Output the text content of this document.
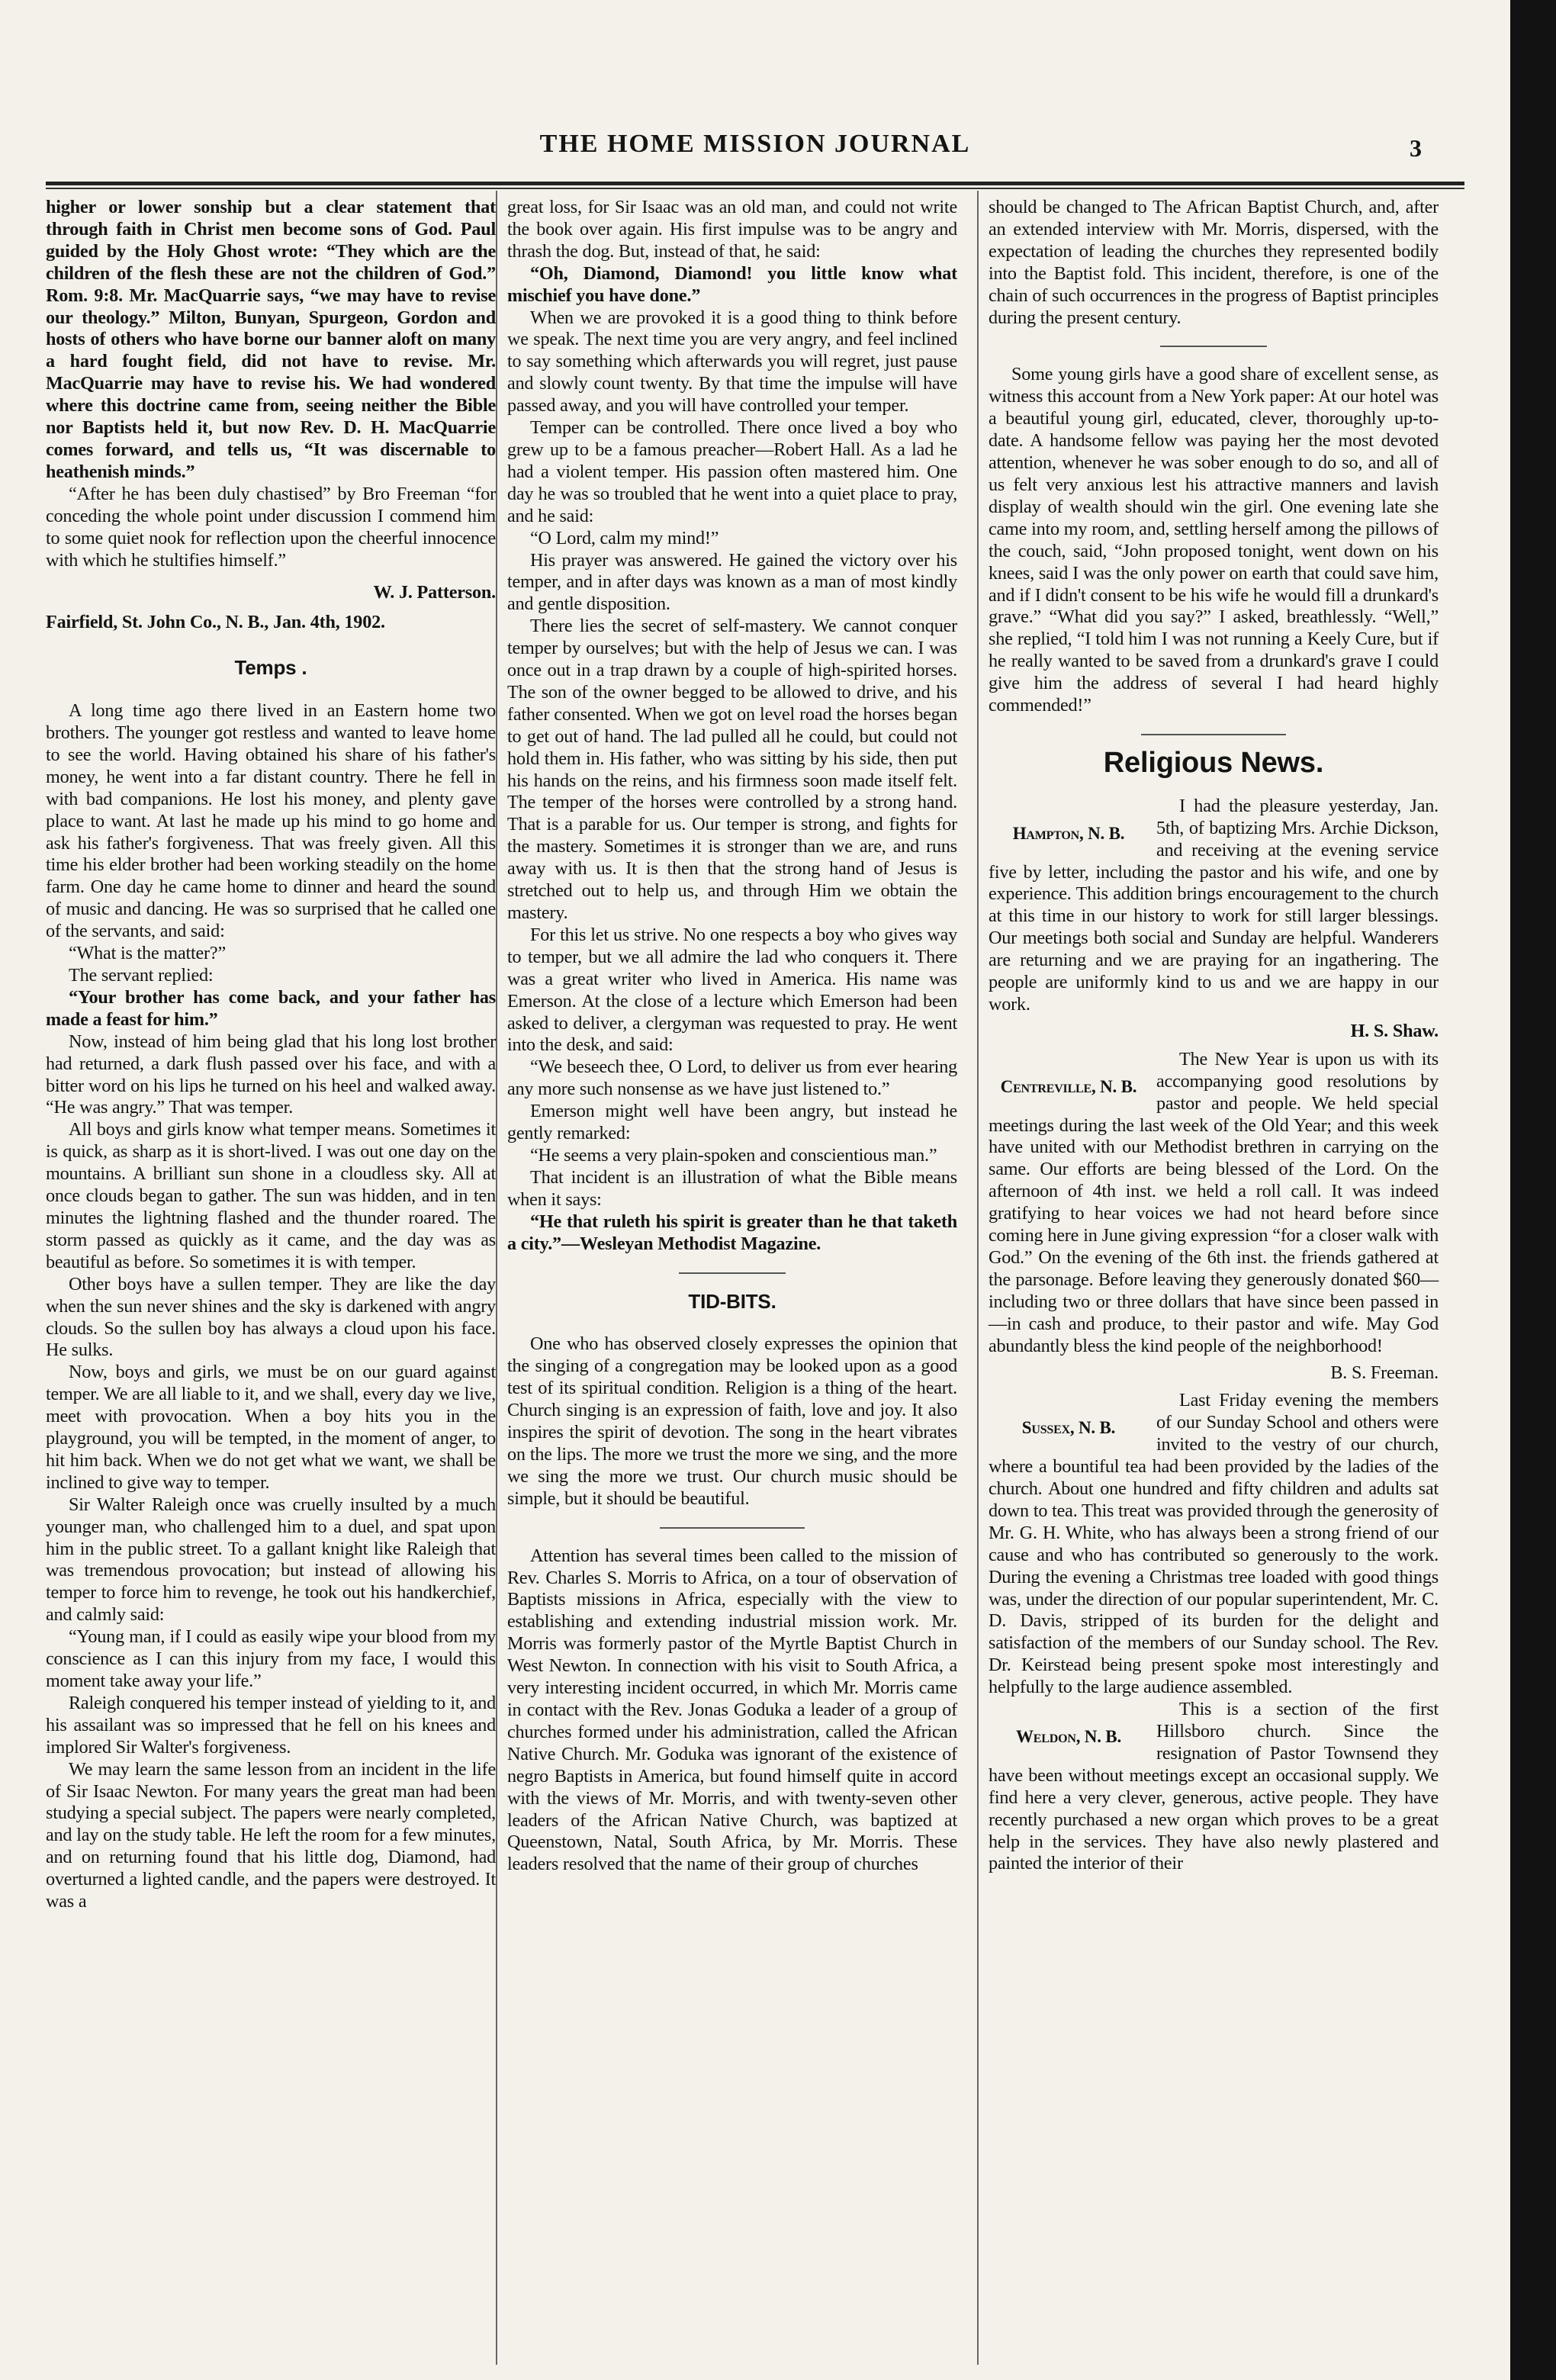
THE HOME MISSION JOURNAL	3

higher or lower sonship but a clear statement that through faith in Christ men become sons of God. Paul guided by the Holy Ghost wrote: “They which are the children of the flesh these are not the children of God.” Rom. 9:8. Mr. MacQuarrie says, “we may have to revise our theology.” Milton, Bunyan, Spurgeon, Gordon and hosts of others who have borne our banner aloft on many a hard fought field, did not have to revise. Mr. MacQuarrie may have to revise his. We had wondered where this doctrine came from, seeing neither the Bible nor Baptists held it, but now Rev. D. H. MacQuarrie comes forward, and tells us, “It was discernable to heathenish minds.”

“After he has been duly chastised” by Bro Freeman “for conceding the whole point under discussion I commend him to some quiet nook for reflection upon the cheerful innocence with which he stultifies himself.”

W. J. Patterson.
Fairfield, St. John Co., N. B., Jan. 4th, 1902.
Temps .

A long time ago there lived in an Eastern home two brothers. The younger got restless and wanted to leave home to see the world. Having obtained his share of his father's money, he went into a far distant country. There he fell in with bad companions. He lost his money, and plenty gave place to want. At last he made up his mind to go home and ask his father's forgiveness. That was freely given. All this time his elder brother had been working steadily on the home farm. One day he came home to dinner and heard the sound of music and dancing. He was so surprised that he called one of the servants, and said:

“What is the matter?”

The servant replied:

“Your brother has come back, and your father has made a feast for him.”

Now, instead of him being glad that his long lost brother had returned, a dark flush passed over his face, and with a bitter word on his lips he turned on his heel and walked away. “He was angry.” That was temper.

All boys and girls know what temper means. Sometimes it is quick, as sharp as it is short-lived. I was out one day on the mountains. A brilliant sun shone in a cloudless sky. All at once clouds began to gather. The sun was hidden, and in ten minutes the lightning flashed and the thunder roared. The storm passed as quickly as it came, and the day was as beautiful as before. So sometimes it is with temper.

Other boys have a sullen temper. They are like the day when the sun never shines and the sky is darkened with angry clouds. So the sullen boy has always a cloud upon his face. He sulks.

Now, boys and girls, we must be on our guard against temper. We are all liable to it, and we shall, every day we live, meet with provocation. When a boy hits you in the playground, you will be tempted, in the moment of anger, to hit him back. When we do not get what we want, we shall be inclined to give way to temper.

Sir Walter Raleigh once was cruelly insulted by a much younger man, who challenged him to a duel, and spat upon him in the public street. To a gallant knight like Raleigh that was tremendous provocation; but instead of allowing his temper to force him to revenge, he took out his handkerchief, and calmly said:

“Young man, if I could as easily wipe your blood from my conscience as I can this injury from my face, I would this moment take away your life.”

Raleigh conquered his temper instead of yielding to it, and his assailant was so impressed that he fell on his knees and implored Sir Walter's forgiveness.

We may learn the same lesson from an incident in the life of Sir Isaac Newton. For many years the great man had been studying a special subject. The papers were nearly completed, and lay on the study table. He left the room for a few minutes, and on returning found that his little dog, Diamond, had overturned a lighted candle, and the papers were destroyed. It was a

great loss, for Sir Isaac was an old man, and could not write the book over again. His first impulse was to be angry and thrash the dog. But, instead of that, he said:

“Oh, Diamond, Diamond! you little know what mischief you have done.”

When we are provoked it is a good thing to think before we speak. The next time you are very angry, and feel inclined to say something which afterwards you will regret, just pause and slowly count twenty. By that time the impulse will have passed away, and you will have controlled your temper.

Temper can be controlled. There once lived a boy who grew up to be a famous preacher—Robert Hall. As a lad he had a violent temper. His passion often mastered him. One day he was so troubled that he went into a quiet place to pray, and he said:

“O Lord, calm my mind!”

His prayer was answered. He gained the victory over his temper, and in after days was known as a man of most kindly and gentle disposition.

There lies the secret of self-mastery. We cannot conquer temper by ourselves; but with the help of Jesus we can. I was once out in a trap drawn by a couple of high-spirited horses. The son of the owner begged to be allowed to drive, and his father consented. When we got on level road the horses began to get out of hand. The lad pulled all he could, but could not hold them in. His father, who was sitting by his side, then put his hands on the reins, and his firmness soon made itself felt. The temper of the horses were controlled by a strong hand. That is a parable for us. Our temper is strong, and fights for the mastery. Sometimes it is stronger than we are, and runs away with us. It is then that the strong hand of Jesus is stretched out to help us, and through Him we obtain the mastery.

For this let us strive. No one respects a boy who gives way to temper, but we all admire the lad who conquers it. There was a great writer who lived in America. His name was Emerson. At the close of a lecture which Emerson had been asked to deliver, a clergyman was requested to pray. He went into the desk, and said:

“We beseech thee, O Lord, to deliver us from ever hearing any more such nonsense as we have just listened to.”

Emerson might well have been angry, but instead he gently remarked:

“He seems a very plain-spoken and conscientious man.”

That incident is an illustration of what the Bible means when it says:

“He that ruleth his spirit is greater than he that taketh a city.”—Wesleyan Methodist Magazine.

TID-BITS.

One who has observed closely expresses the opinion that the singing of a congregation may be looked upon as a good test of its spiritual condition. Religion is a thing of the heart. Church singing is an expression of faith, love and joy. It also inspires the spirit of devotion. The song in the heart vibrates on the lips. The more we trust the more we sing, and the more we sing the more we trust. Our church music should be simple, but it should be beautiful.

Attention has several times been called to the mission of Rev. Charles S. Morris to Africa, on a tour of observation of Baptists missions in Africa, especially with the view to establishing and extending industrial mission work. Mr. Morris was formerly pastor of the Myrtle Baptist Church in West Newton. In connection with his visit to South Africa, a very interesting incident occurred, in which Mr. Morris came in contact with the Rev. Jonas Goduka a leader of a group of churches formed under his administration, called the African Native Church. Mr. Goduka was ignorant of the existence of negro Baptists in America, but found himself quite in accord with the views of Mr. Morris, and with twenty-seven other leaders of the African Native Church, was baptized at Queenstown, Natal, South Africa, by Mr. Morris. These leaders resolved that the name of their group of churches

should be changed to The African Baptist Church, and, after an extended interview with Mr. Morris, dispersed, with the expectation of leading the churches they represented bodily into the Baptist fold. This incident, therefore, is one of the chain of such occurrences in the progress of Baptist principles during the present century.

Some young girls have a good share of excellent sense, as witness this account from a New York paper: At our hotel was a beautiful young girl, educated, clever, thoroughly up-to-date. A handsome fellow was paying her the most devoted attention, whenever he was sober enough to do so, and all of us felt very anxious lest his attractive manners and lavish display of wealth should win the girl. One evening late she came into my room, and, settling herself among the pillows of the couch, said, “John proposed tonight, went down on his knees, said I was the only power on earth that could save him, and if I didn't consent to be his wife he would fill a drunkard's grave.” “What did you say?” I asked, breathlessly. “Well,” she replied, “I told him I was not running a Keely Cure, but if he really wanted to be saved from a drunkard's grave I could give him the address of several I had heard highly commended!”

Religious News.
Hampton, N. B.

I had the pleasure yesterday, Jan. 5th, of baptizing Mrs. Archie Dickson, and receiving at the evening service five by letter, including the pastor and his wife, and one by experience. This addition brings encouragement to the church at this time in our history to work for still larger blessings. Our meetings both social and Sunday are helpful. Wanderers are returning and we are praying for an ingathering. The people are uniformly kind to us and we are happy in our work.

H. S. Shaw.
Centreville, N. B.

The New Year is upon us with its accompanying good resolutions by pastor and people. We held special meetings during the last week of the Old Year; and this week have united with our Methodist brethren in carrying on the same. Our efforts are being blessed of the Lord. On the afternoon of 4th inst. we held a roll call. It was indeed gratifying to hear voices we had not heard before since coming here in June giving expression “for a closer walk with God.” On the evening of the 6th inst. the friends gathered at the parsonage. Before leaving they generously donated $60—including two or three dollars that have since been passed in—in cash and produce, to their pastor and wife. May God abundantly bless the kind people of the neighborhood!

B. S. Freeman.
Sussex, N. B.

Last Friday evening the members of our Sunday School and others were invited to the vestry of our church, where a bountiful tea had been provided by the ladies of the church. About one hundred and fifty children and adults sat down to tea. This treat was provided through the generosity of Mr. G. H. White, who has always been a strong friend of our cause and who has contributed so generously to the work. During the evening a Christmas tree loaded with good things was, under the direction of our popular superintendent, Mr. C. D. Davis, stripped of its burden for the delight and satisfaction of the members of our Sunday school. The Rev. Dr. Keirstead being present spoke most interestingly and helpfully to the large audience assembled.

Weldon, N. B.

This is a section of the first Hillsboro church. Since the resignation of Pastor Townsend they have been without meetings except an occasional supply. We find here a very clever, generous, active people. They have recently purchased a new organ which proves to be a great help in the services. They have also newly plastered and painted the interior of their
